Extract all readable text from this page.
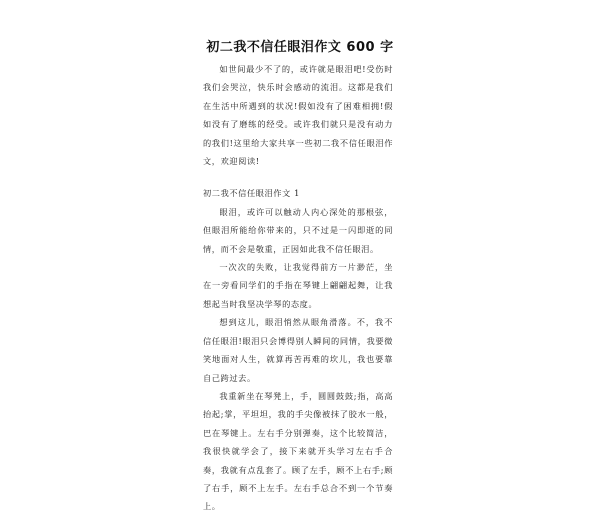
初二我不信任眼泪作文 600 字

如世间最少不了的，或许就是眼泪吧!受伤时我们会哭泣，快乐时会感动的流泪。这都是我们在生活中所遇到的状况!假如没有了困难相拥!假如没有了磨练的经受。或许我们就只是没有动力的我们!这里给大家共享一些初二我不信任眼泪作文，欢迎阅读!

初二我不信任眼泪作文 1

眼泪，或许可以触动人内心深处的那根弦，但眼泪所能给你带来的，只不过是一闪即逝的同情，而不会是敬重，正因如此我不信任眼泪。

一次次的失败，让我觉得前方一片渺茫，坐在一旁看同学们的手指在琴键上翩翩起舞，让我想起当时我坚决学琴的态度。

想到这儿，眼泪悄然从眼角滑落。不，我不信任眼泪!眼泪只会博得别人瞬间的同情，我要微笑地面对人生，就算再苦再难的坎儿，我也要靠自己跨过去。

我重新坐在琴凳上，手，圆圆鼓鼓;指，高高抬起;掌，平坦坦，我的手尖像被抹了胶水一般，巴在琴键上。左右手分别弹奏，这个比较简洁，我很快就学会了，接下来就开头学习左右手合奏，我就有点乱套了。顾了左手，顾不上右手;顾了右手，顾不上左手。左右手总合不到一个节奏上。
